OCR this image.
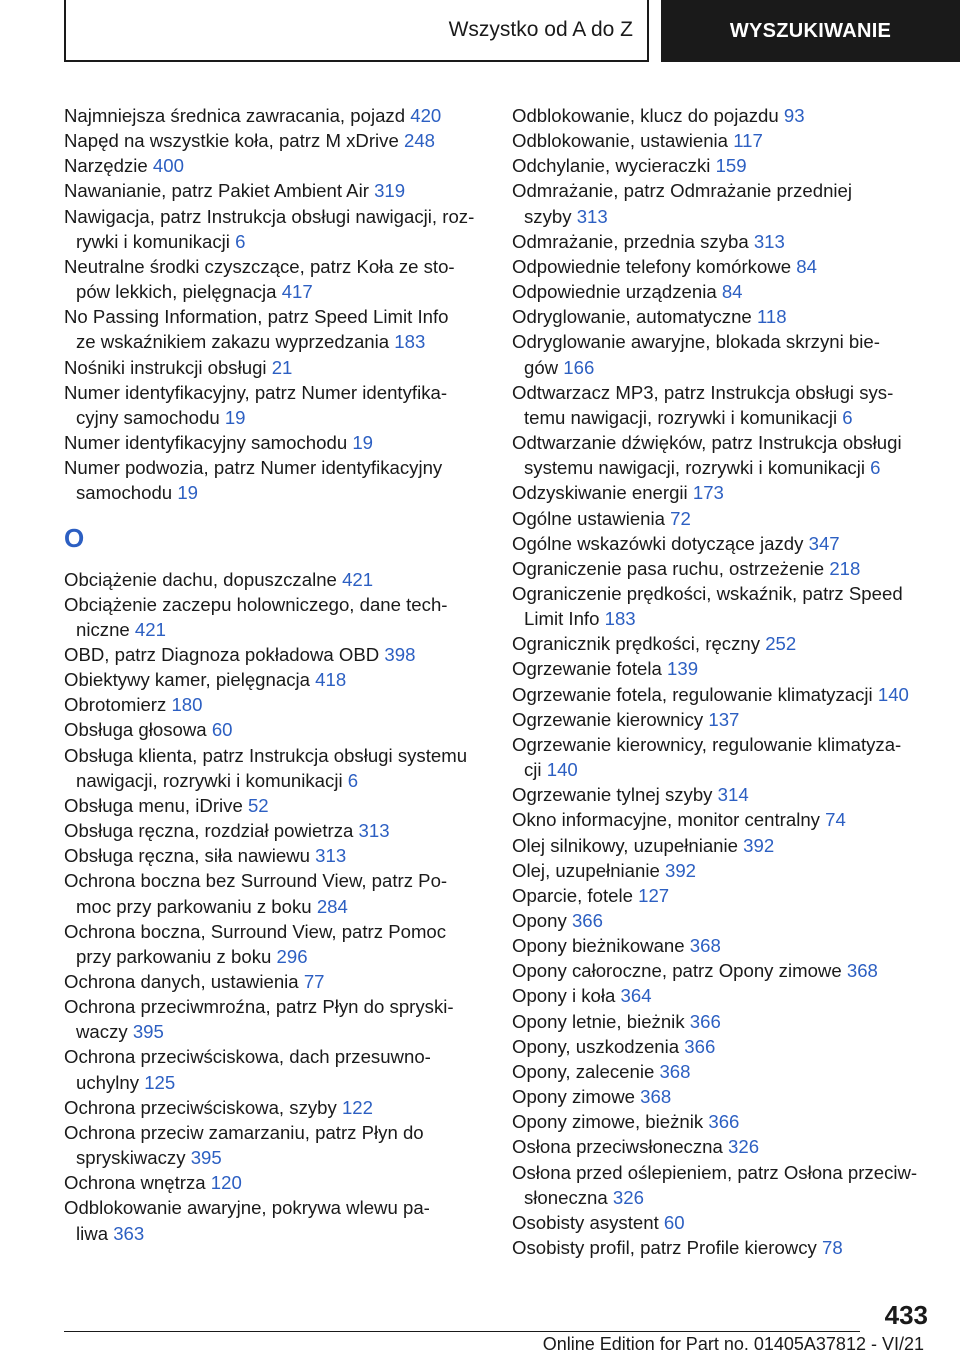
Wszystko od A do Z	WYSZUKIWANIE
Najmniejsza średnica zawracania, pojazd 420
Napęd na wszystkie koła, patrz M xDrive 248
Narzędzie 400
Nawanianie, patrz Pakiet Ambient Air 319
Nawigacja, patrz Instrukcja obsługi nawigacji, roz-
rywki i komunikacji 6
Neutralne środki czyszczące, patrz Koła ze sto-
pów lekkich, pielęgnacja 417
No Passing Information, patrz Speed Limit Info
ze wskaźnikiem zakazu wyprzedzania 183
Nośniki instrukcji obsługi 21
Numer identyfikacyjny, patrz Numer identyfika-
cyjny samochodu 19
Numer identyfikacyjny samochodu 19
Numer podwozia, patrz Numer identyfikacyjny
samochodu 19
O
Obciążenie dachu, dopuszczalne 421
Obciążenie zaczepu holowniczego, dane tech-
niczne 421
OBD, patrz Diagnoza pokładowa OBD 398
Obiektywy kamer, pielęgnacja 418
Obrotomierz 180
Obsługa głosowa 60
Obsługa klienta, patrz Instrukcja obsługi systemu
nawigacji, rozrywki i komunikacji 6
Obsługa menu, iDrive 52
Obsługa ręczna, rozdział powietrza 313
Obsługa ręczna, siła nawiewu 313
Ochrona boczna bez Surround View, patrz Po-
moc przy parkowaniu z boku 284
Ochrona boczna, Surround View, patrz Pomoc
przy parkowaniu z boku 296
Ochrona danych, ustawienia 77
Ochrona przeciwmroźna, patrz Płyn do spryski-
waczy 395
Ochrona przeciwściskowa, dach przesuwno-
uchylny 125
Ochrona przeciwściskowa, szyby 122
Ochrona przeciw zamarzaniu, patrz Płyn do
spryskiwaczy 395
Ochrona wnętrza 120
Odblokowanie awaryjne, pokrywa wlewu pa-
liwa 363
Odblokowanie, klucz do pojazdu 93
Odblokowanie, ustawienia 117
Odchylanie, wycieraczki 159
Odmrażanie, patrz Odmrażanie przedniej
szyby 313
Odmrażanie, przednia szyba 313
Odpowiednie telefony komórkowe 84
Odpowiednie urządzenia 84
Odryglowanie, automatyczne 118
Odryglowanie awaryjne, blokada skrzyni bie-
gów 166
Odtwarzacz MP3, patrz Instrukcja obsługi sys-
temu nawigacji, rozrywki i komunikacji 6
Odtwarzanie dźwięków, patrz Instrukcja obsługi
systemu nawigacji, rozrywki i komunikacji 6
Odzyskiwanie energii 173
Ogólne ustawienia 72
Ogólne wskazówki dotyczące jazdy 347
Ograniczenie pasa ruchu, ostrzeżenie 218
Ograniczenie prędkości, wskaźnik, patrz Speed
Limit Info 183
Ogranicznik prędkości, ręczny 252
Ogrzewanie fotela 139
Ogrzewanie fotela, regulowanie klimatyzacji 140
Ogrzewanie kierownicy 137
Ogrzewanie kierownicy, regulowanie klimatyza-
cji 140
Ogrzewanie tylnej szyby 314
Okno informacyjne, monitor centralny 74
Olej silnikowy, uzupełnianie 392
Olej, uzupełnianie 392
Oparcie, fotele 127
Opony 366
Opony bieżnikowane 368
Opony całoroczne, patrz Opony zimowe 368
Opony i koła 364
Opony letnie, bieżnik 366
Opony, uszkodzenia 366
Opony, zalecenie 368
Opony zimowe 368
Opony zimowe, bieżnik 366
Osłona przeciwsłoneczna 326
Osłona przed oślepieniem, patrz Osłona przeciw-
słoneczna 326
Osobisty asystent 60
Osobisty profil, patrz Profile kierowcy 78
433
Online Edition for Part no. 01405A37812 - VI/21
